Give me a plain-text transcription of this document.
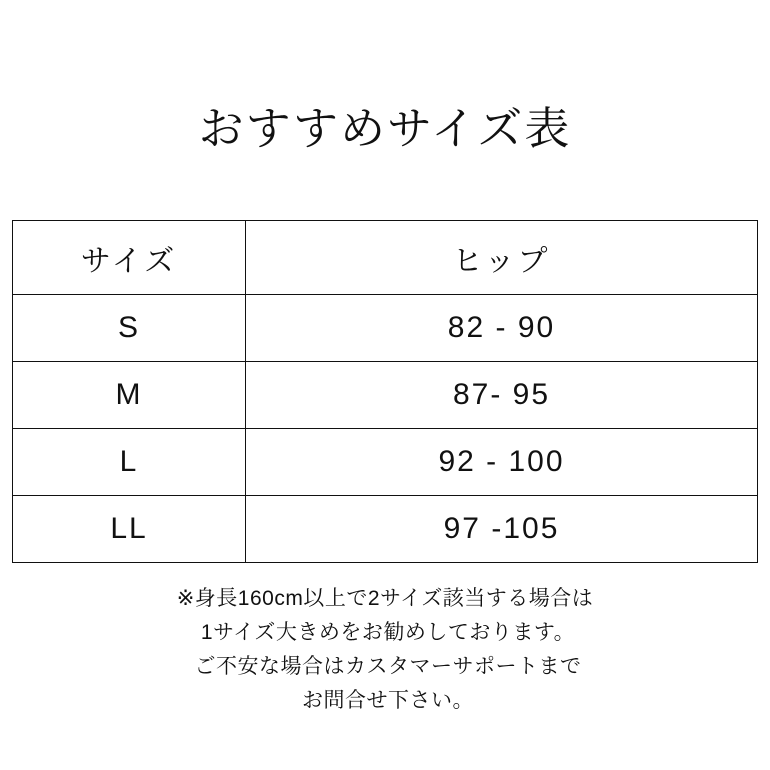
おすすめサイズ表
サイズ	ヒップ
S	82 - 90
M	87- 95
L	92 - 100
LL	97 -105
※身長160cm以上で2サイズ該当する場合は
1サイズ大きめをお勧めしております。
ご不安な場合はカスタマーサポートまで
お問合せ下さい。
